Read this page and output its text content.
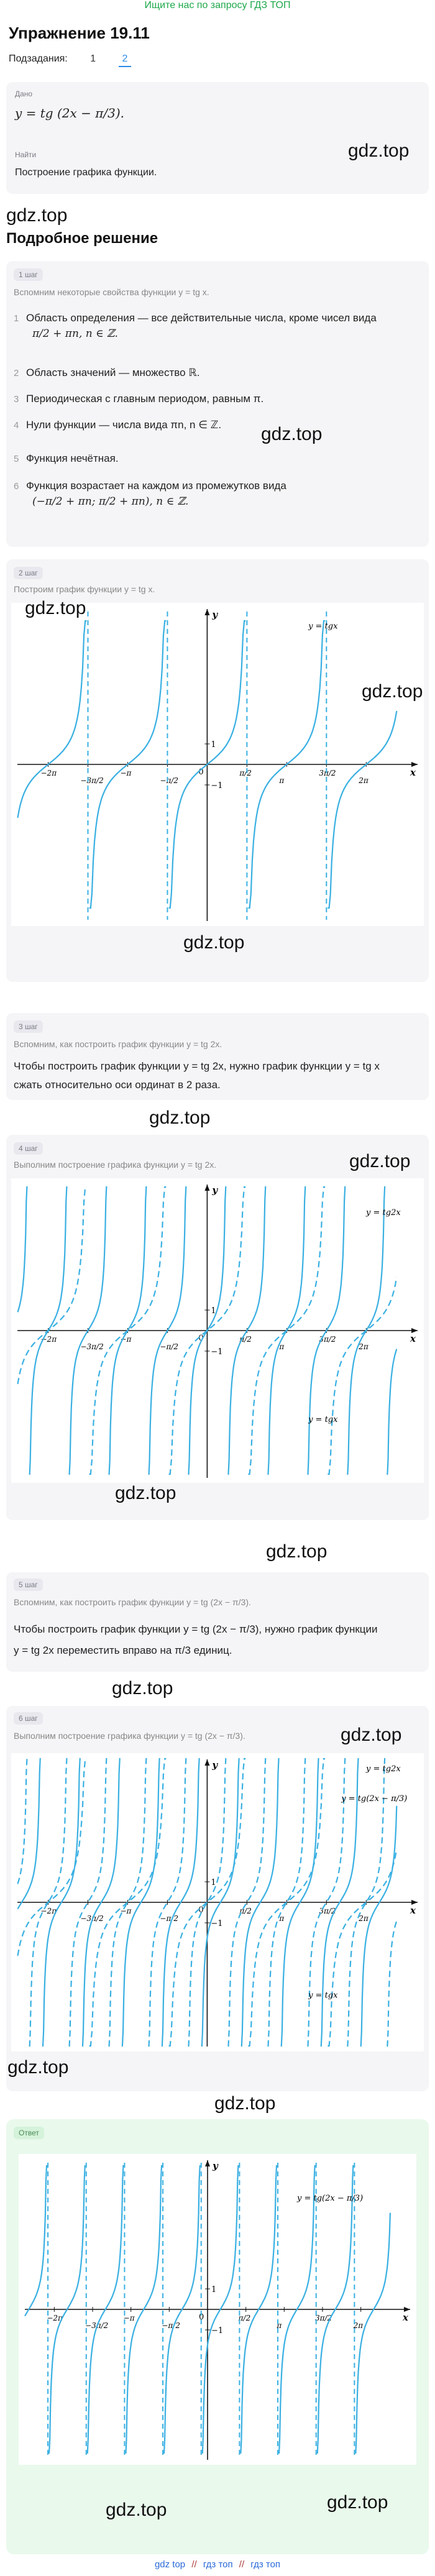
Ищите нас по запросу ГДЗ ТОП
Упражнение 19.11
Подзадания: 1	2
Дано
y = tg (2x − π/3).
gdz.top
Найти
Построение графика функции.
gdz.top
Подробное решение
1 шаг
Вспомним некоторые свойства функции y = tg x.
1 Область определения — все действительные числа, кроме чисел вида
π/2 + πn, n ∈ ℤ.
2 Область значений — множество ℝ.
3 Периодическая с главным периодом, равным π.
4 Нули функции — числа вида πn, n ∈ ℤ. gdz.top
5 Функция нечётная.
6 Функция возрастает на каждом из промежутков вида
(−π/2 + πn; π/2 + πn), n ∈ ℤ.
2 шаг
Построим график функции y = tg x.
y
x
0
1
−1
−2π
−3π/2
−π
−π/2
π/2
π
3π/2
2π
y = tgx
gdz.top
gdz.top
gdz.top
3 шаг
Вспомним, как построить график функции y = tg 2x.
Чтобы построить график функции y = tg 2x, нужно график функции y = tg x
сжать относительно оси ординат в 2 раза.
gdz.top
4 шаг
Выполним построение графика функции y = tg 2x.	gdz.top
y
x
0
1
−1
−2π
−3π/2
−π
−π/2
π/2
π
3π/2
2π
y = tg2x
y = tgx
gdz.top
gdz.top
5 шаг
Вспомним, как построить график функции y = tg (2x − π/3).
Чтобы построить график функции y = tg (2x − π/3), нужно график функции
y = tg 2x переместить вправо на π/3 единиц.
gdz.top
6 шаг
Выполним построение графика функции y = tg (2x − π/3).	gdz.top
y
x
0
1
−1
−2π
−3π/2
−π
−π/2
π/2
π
3π/2
2π
y = tg2x
y = tg(2x − π/3)
y = tgx
gdz.top
gdz.top
Ответ
y
x
0
1
−1
−2π
−3π/2
−π
−π/2
π/2
π
3π/2
2π
y = tg(2x − π/3)
gdz.top	gdz.top
gdz top // гдз топ // гдз топ
